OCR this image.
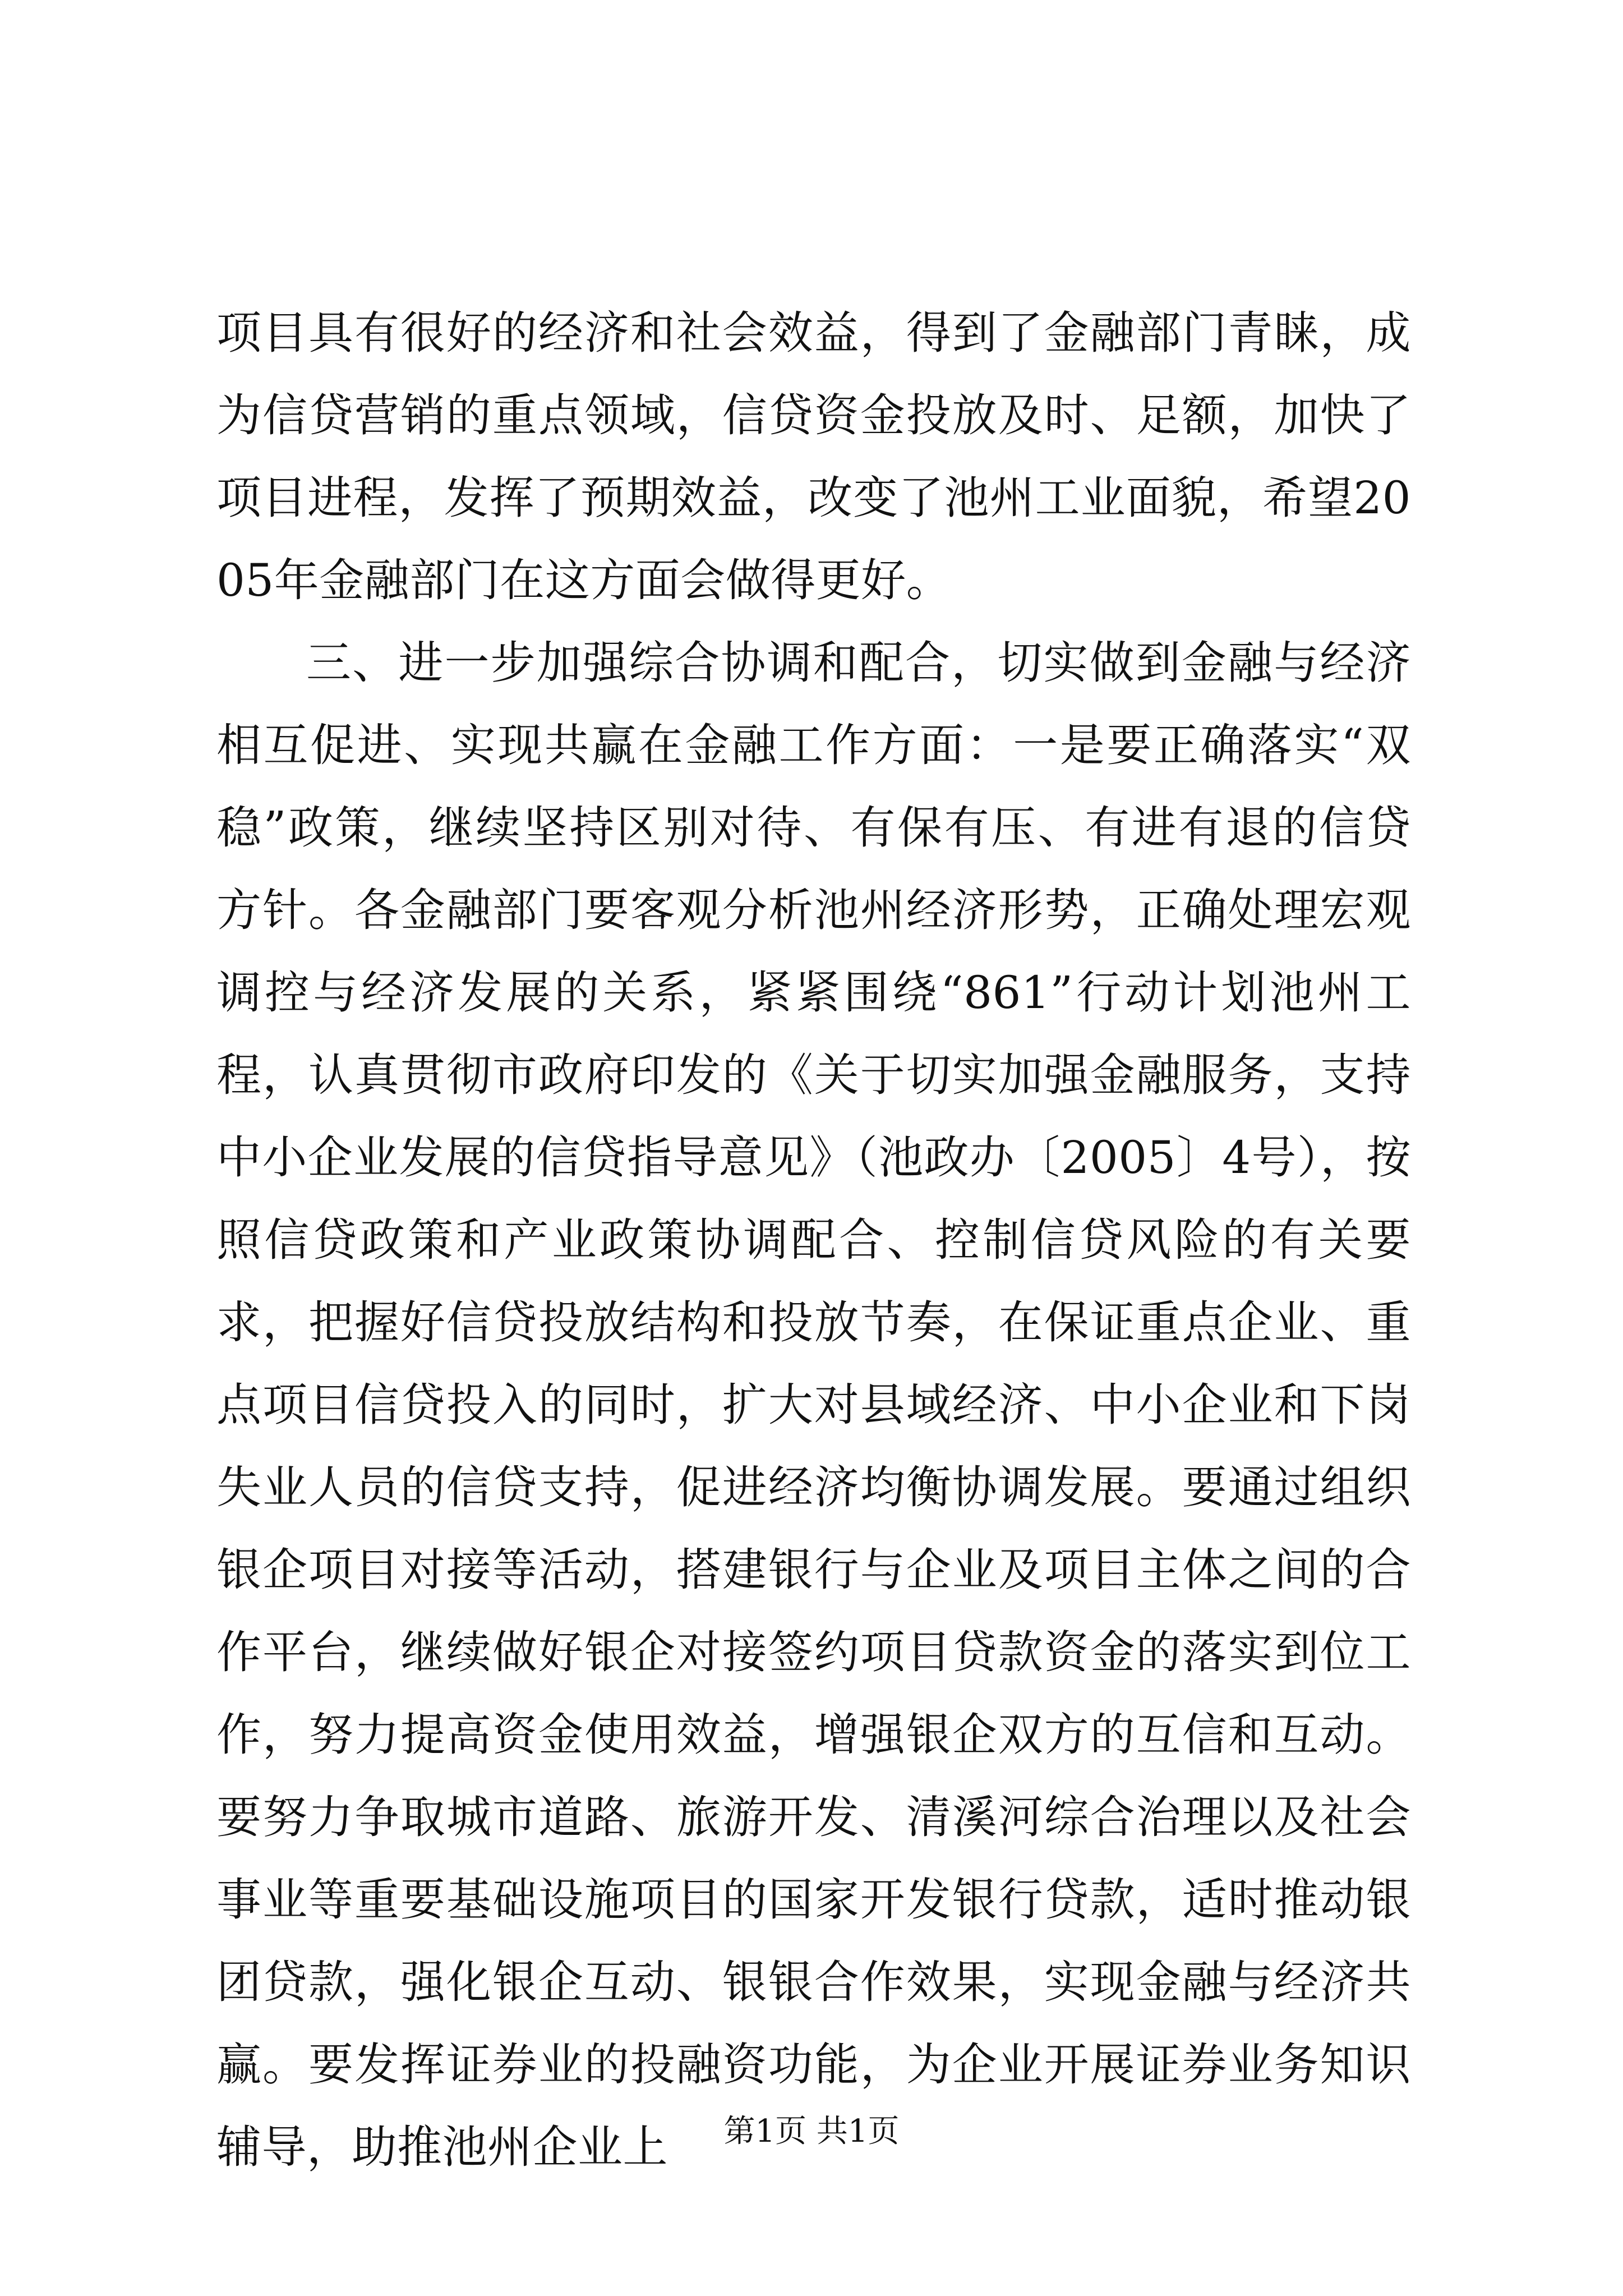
项目具有很好的经济和社会效益，得到了金融部门青睐，成为信贷营销的重点领域，信贷资金投放及时、足额，加快了项目进程，发挥了预期效益，改变了池州工业面貌，希望2005年金融部门在这方面会做得更好。

三、进一步加强综合协调和配合，切实做到金融与经济相互促进、实现共赢在金融工作方面：一是要正确落实“双稳”政策，继续坚持区别对待、有保有压、有进有退的信贷方针。各金融部门要客观分析池州经济形势，正确处理宏观调控与经济发展的关系，紧紧围绕“861”行动计划池州工程，认真贯彻市政府印发的《关于切实加强金融服务，支持中小企业发展的信贷指导意见》（池政办〔2005〕4号），按照信贷政策和产业政策协调配合、控制信贷风险的有关要求，把握好信贷投放结构和投放节奏，在保证重点企业、重点项目信贷投入的同时，扩大对县域经济、中小企业和下岗失业人员的信贷支持，促进经济均衡协调发展。要通过组织银企项目对接等活动，搭建银行与企业及项目主体之间的合作平台，继续做好银企对接签约项目贷款资金的落实到位工作，努力提高资金使用效益，增强银企双方的互信和互动。要努力争取城市道路、旅游开发、清溪河综合治理以及社会事业等重要基础设施项目的国家开发银行贷款，适时推动银团贷款，强化银企互动、银银合作效果，实现金融与经济共赢。要发挥证券业的投融资功能，为企业开展证券业务知识辅导，助推池州企业上	第1页 共1页
